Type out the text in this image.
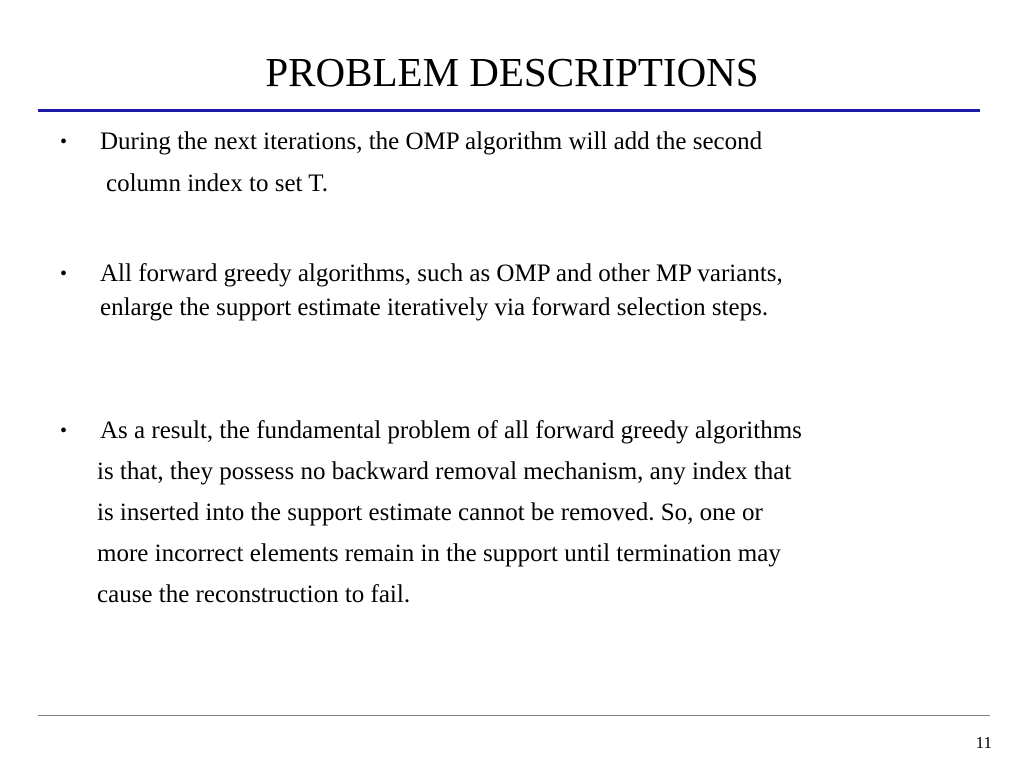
PROBLEM DESCRIPTIONS
• During the next iterations, the OMP algorithm will add the second
column index to set T.
• All forward greedy algorithms, such as OMP and other MP variants,
enlarge the support estimate iteratively via forward selection steps.
• As a result, the fundamental problem of all forward greedy algorithms
is that, they possess no backward removal mechanism, any index that
is inserted into the support estimate cannot be removed. So, one or
more incorrect elements remain in the support until termination may
cause the reconstruction to fail.
11
